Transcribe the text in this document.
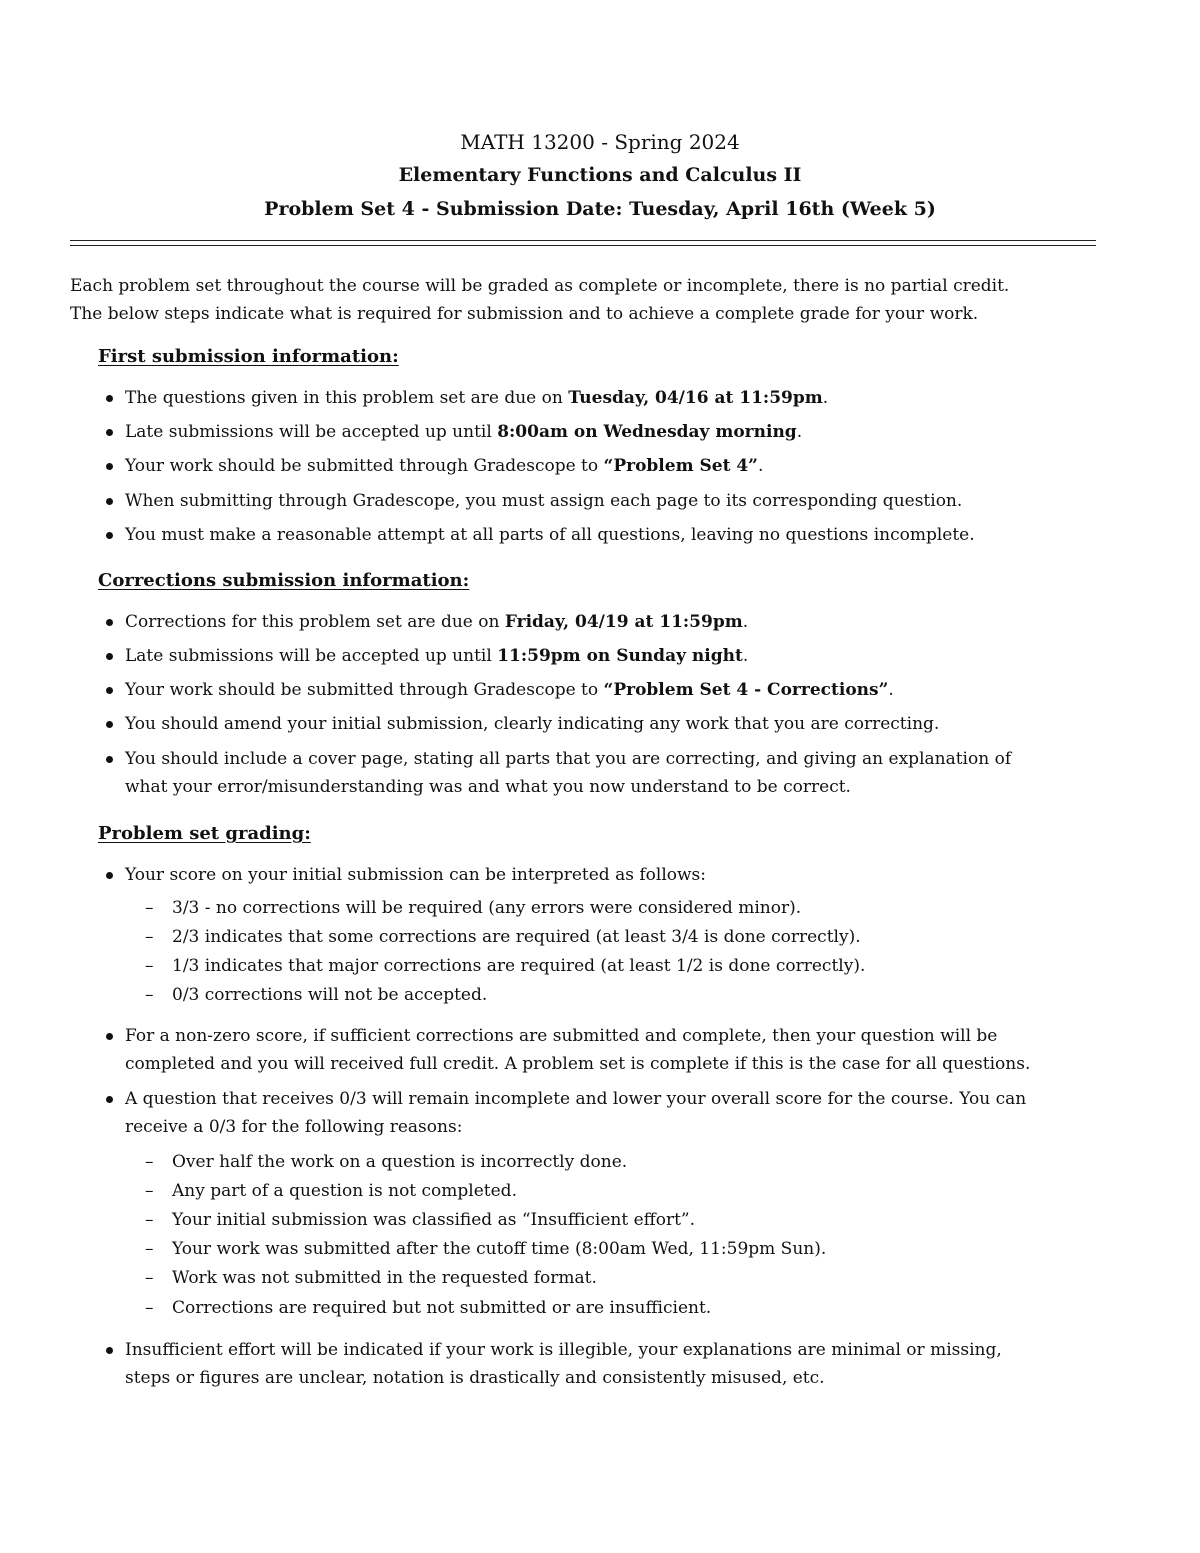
MATH 13200 - Spring 2024
Elementary Functions and Calculus II
Problem Set 4 - Submission Date: Tuesday, April 16th (Week 5)
Each problem set throughout the course will be graded as complete or incomplete, there is no partial credit.
The below steps indicate what is required for submission and to achieve a complete grade for your work.
First submission information:
The questions given in this problem set are due on Tuesday, 04/16 at 11:59pm.
Late submissions will be accepted up until 8:00am on Wednesday morning.
Your work should be submitted through Gradescope to “Problem Set 4”.
When submitting through Gradescope, you must assign each page to its corresponding question.
You must make a reasonable attempt at all parts of all questions, leaving no questions incomplete.
Corrections submission information:
Corrections for this problem set are due on Friday, 04/19 at 11:59pm.
Late submissions will be accepted up until 11:59pm on Sunday night.
Your work should be submitted through Gradescope to “Problem Set 4 - Corrections”.
You should amend your initial submission, clearly indicating any work that you are correcting.
You should include a cover page, stating all parts that you are correcting, and giving an explanation of
what your error/misunderstanding was and what you now understand to be correct.
Problem set grading:
Your score on your initial submission can be interpreted as follows:
– 3/3 - no corrections will be required (any errors were considered minor).
– 2/3 indicates that some corrections are required (at least 3/4 is done correctly).
– 1/3 indicates that major corrections are required (at least 1/2 is done correctly).
– 0/3 corrections will not be accepted.
For a non-zero score, if sufficient corrections are submitted and complete, then your question will be
completed and you will received full credit. A problem set is complete if this is the case for all questions.
A question that receives 0/3 will remain incomplete and lower your overall score for the course. You can
receive a 0/3 for the following reasons:
– Over half the work on a question is incorrectly done.
– Any part of a question is not completed.
– Your initial submission was classified as “Insufficient effort”.
– Your work was submitted after the cutoff time (8:00am Wed, 11:59pm Sun).
– Work was not submitted in the requested format.
– Corrections are required but not submitted or are insufficient.
Insufficient effort will be indicated if your work is illegible, your explanations are minimal or missing,
steps or figures are unclear, notation is drastically and consistently misused, etc.
